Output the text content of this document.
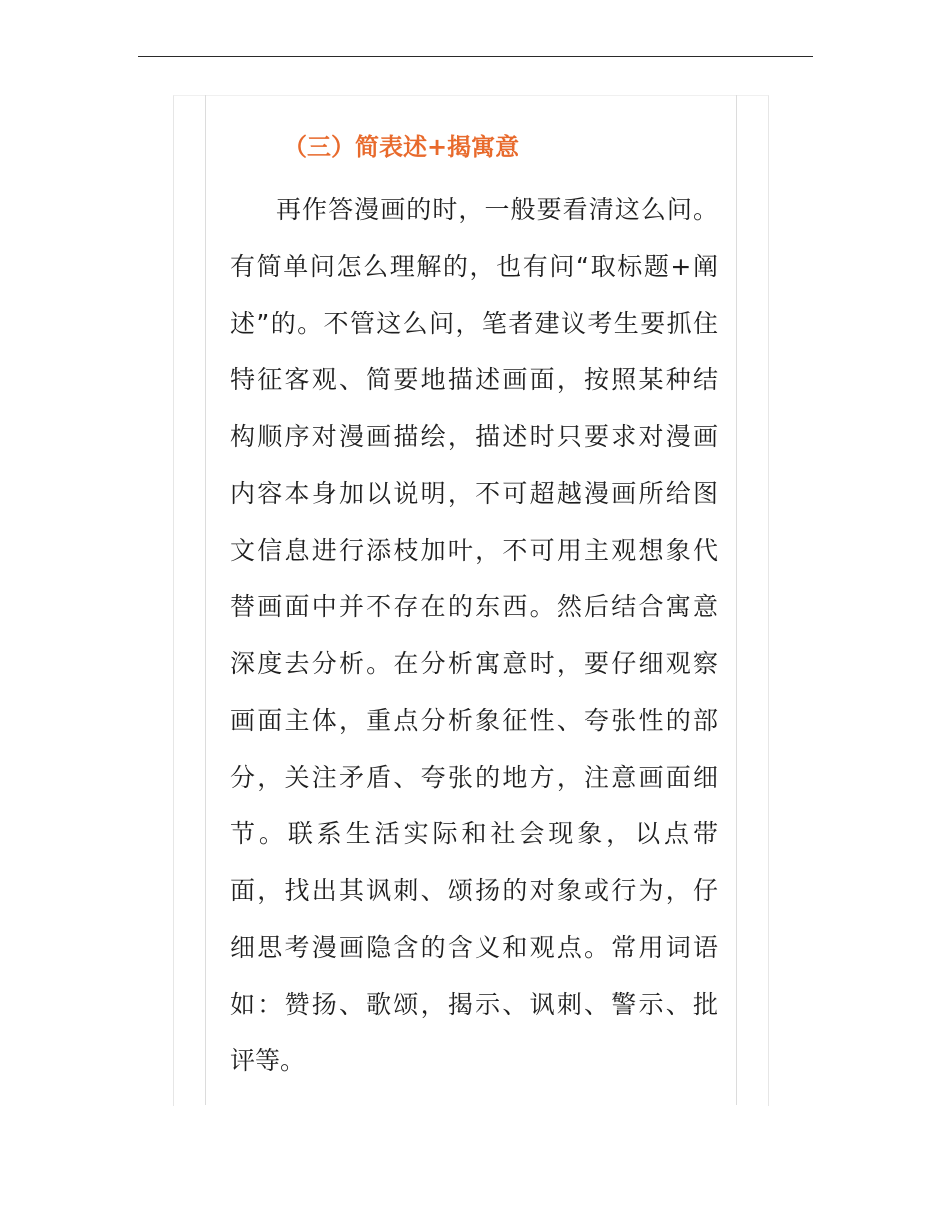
（三）简表述+揭寓意
再作答漫画的时，一般要看清这么问。
有简单问怎么理解的，也有问“取标题+阐
述”的。不管这么问，笔者建议考生要抓住
特征客观、简要地描述画面，按照某种结
构顺序对漫画描绘，描述时只要求对漫画
内容本身加以说明，不可超越漫画所给图
文信息进行添枝加叶，不可用主观想象代
替画面中并不存在的东西。然后结合寓意
深度去分析。在分析寓意时，要仔细观察
画面主体，重点分析象征性、夸张性的部
分，关注矛盾、夸张的地方，注意画面细
节。联系生活实际和社会现象，以点带
面，找出其讽刺、颂扬的对象或行为，仔
细思考漫画隐含的含义和观点。常用词语
如：赞扬、歌颂，揭示、讽刺、警示、批
评等。
